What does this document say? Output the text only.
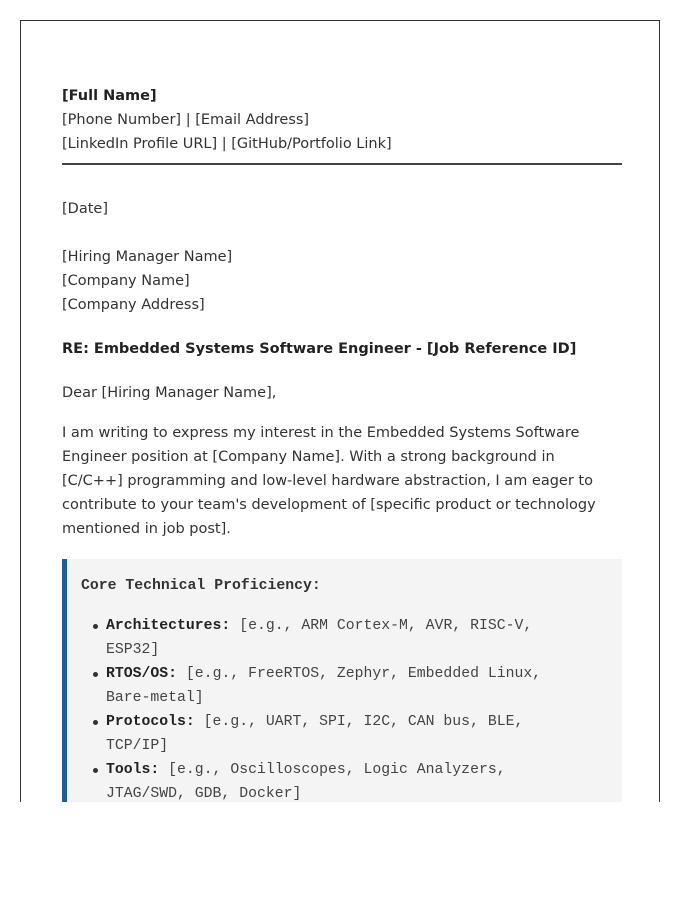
[Full Name]
[Phone Number] | [Email Address]
[LinkedIn Profile URL] | [GitHub/Portfolio Link]
[Date]
[Hiring Manager Name]
[Company Name]
[Company Address]
RE: Embedded Systems Software Engineer - [Job Reference ID]
Dear [Hiring Manager Name],
I am writing to express my interest in the Embedded Systems Software Engineer position at [Company Name]. With a strong background in [C/C++] programming and low-level hardware abstraction, I am eager to contribute to your team's development of [specific product or technology mentioned in job post].
Core Technical Proficiency:
Architectures: [e.g., ARM Cortex-M, AVR, RISC-V, ESP32]
RTOS/OS: [e.g., FreeRTOS, Zephyr, Embedded Linux, Bare-metal]
Protocols: [e.g., UART, SPI, I2C, CAN bus, BLE, TCP/IP]
Tools: [e.g., Oscilloscopes, Logic Analyzers, JTAG/SWD, GDB, Docker]
